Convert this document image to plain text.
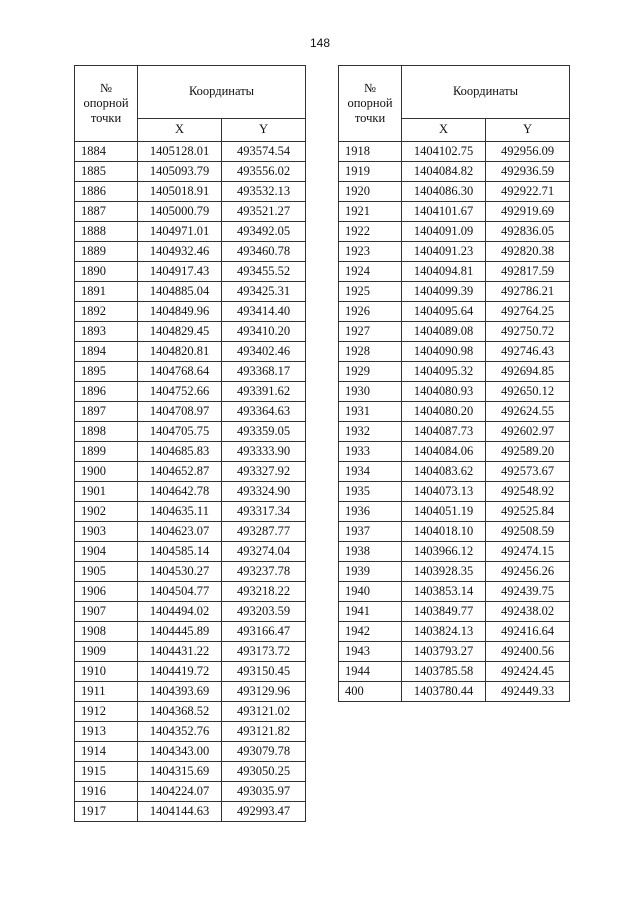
148
№
опорной
точки	Координаты	
	X	Y
1884	1405128.01	493574.54
1885	1405093.79	493556.02
1886	1405018.91	493532.13
1887	1405000.79	493521.27
1888	1404971.01	493492.05
1889	1404932.46	493460.78
1890	1404917.43	493455.52
1891	1404885.04	493425.31
1892	1404849.96	493414.40
1893	1404829.45	493410.20
1894	1404820.81	493402.46
1895	1404768.64	493368.17
1896	1404752.66	493391.62
1897	1404708.97	493364.63
1898	1404705.75	493359.05
1899	1404685.83	493333.90
1900	1404652.87	493327.92
1901	1404642.78	493324.90
1902	1404635.11	493317.34
1903	1404623.07	493287.77
1904	1404585.14	493274.04
1905	1404530.27	493237.78
1906	1404504.77	493218.22
1907	1404494.02	493203.59
1908	1404445.89	493166.47
1909	1404431.22	493173.72
1910	1404419.72	493150.45
1911	1404393.69	493129.96
1912	1404368.52	493121.02
1913	1404352.76	493121.82
1914	1404343.00	493079.78
1915	1404315.69	493050.25
1916	1404224.07	493035.97
1917	1404144.63	492993.47
№
опорной
точки	Координаты	
	X	Y
1918	1404102.75	492956.09
1919	1404084.82	492936.59
1920	1404086.30	492922.71
1921	1404101.67	492919.69
1922	1404091.09	492836.05
1923	1404091.23	492820.38
1924	1404094.81	492817.59
1925	1404099.39	492786.21
1926	1404095.64	492764.25
1927	1404089.08	492750.72
1928	1404090.98	492746.43
1929	1404095.32	492694.85
1930	1404080.93	492650.12
1931	1404080.20	492624.55
1932	1404087.73	492602.97
1933	1404084.06	492589.20
1934	1404083.62	492573.67
1935	1404073.13	492548.92
1936	1404051.19	492525.84
1937	1404018.10	492508.59
1938	1403966.12	492474.15
1939	1403928.35	492456.26
1940	1403853.14	492439.75
1941	1403849.77	492438.02
1942	1403824.13	492416.64
1943	1403793.27	492400.56
1944	1403785.58	492424.45
400	1403780.44	492449.33
